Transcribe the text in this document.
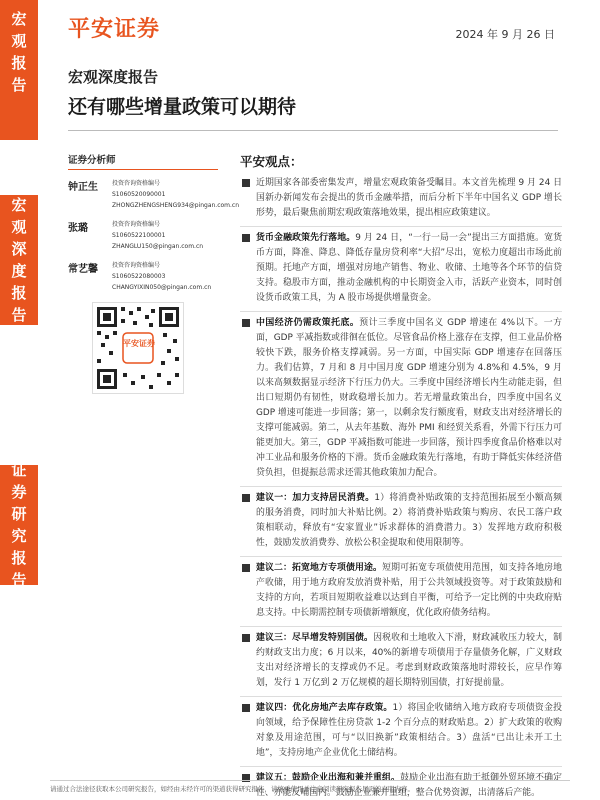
宏
观
报
告
宏
观
深
度
报
告
证
券
研
究
报
告
平安证券	2024 年 9 月 26 日
宏观深度报告
还有哪些增量政策可以期待
证券分析师
钟正生 投资咨询资格编号
S1060520090001
ZHONGZHENGSHENG934@pingan.com.cn
张璐	投资咨询资格编号
S1060522100001
ZHANGLU150@pingan.com.cn
常艺馨 投资咨询资格编号
S1060522080003
CHANGYIXIN050@pingan.com.cn
平安证券
平安观点：
近期国家各部委密集发声，增量宏观政策备受瞩目。本文首先梳理 9 月 24 日国新办新闻发布会提出的货币金融举措，而后分析下半年中国名义 GDP 增长形势，最后聚焦前期宏观政策落地效果，提出相应政策建议。
货币金融政策先行落地。9 月 24 日，“一行一局一会”提出三方面措施。宽货币方面，降准、降息、降低存量房贷利率“大招”尽出，宽松力度超出市场此前预期。托地产方面，增强对房地产销售、物业、收储、土地等各个环节的信贷支持。稳股市方面，推动金融机构的中长期资金入市，活跃产业资本，同时创设货币政策工具，为 A 股市场提供增量资金。
中国经济仍需政策托底。预计三季度中国名义 GDP 增速在 4%以下。一方面，GDP 平减指数或徘徊在低位。尽管食品价格上涨存在支撑，但工业品价格较快下跌，服务价格支撑减弱。另一方面，中国实际 GDP 增速存在回落压力。我们估算，7 月和 8 月中国月度 GDP 增速分别为 4.8%和 4.5%，9 月以来高频数据显示经济下行压力仍大。三季度中国经济增长内生动能走弱，但出口短期仍有韧性，财政稳增长加力。若无增量政策出台，四季度中国名义 GDP 增速可能进一步回落；第一，以剩余发行额度看，财政支出对经济增长的支撑可能减弱。第二，从去年基数、海外 PMI 和经贸关系看，外需下行压力可能更加大。第三，GDP 平减指数可能进一步回落，预计四季度食品价格难以对冲工业品和服务价格的下滑。货币金融政策先行落地，有助于降低实体经济借贷负担，但提振总需求还需其他政策加力配合。
建议一：加力支持居民消费。1）将消费补贴政策的支持范围拓展至小额高频的服务消费，同时加大补贴比例。2）将消费补贴政策与购房、农民工落户政策相联动，释放有“安家置业”诉求群体的消费潜力。3）发挥地方政府积极性，鼓励发放消费券、放松公积金提取和使用限制等。
建议二：拓宽地方专项债用途。短期可拓宽专项债使用范围，如支持各地房地产收储，用于地方政府发放消费补贴，用于公共领域投资等。对于政策鼓励和支持的方向，若项目短期收益难以达到自平衡，可给予一定比例的中央政府贴息支持。中长期需控制专项债新增额度，优化政府债务结构。
建议三：尽早增发特别国债。因税收和土地收入下滑，财政减收压力较大，制约财政支出力度；6 月以来，40%的新增专项债用于存量债务化解，广义财政支出对经济增长的支撑或仍不足。考虑到财政政策落地时滞较长，应早作筹划，发行 1 万亿到 2 万亿规模的超长期特别国债，打好提前量。
建议四：优化房地产去库存政策。1）将国企收储纳入地方政府专项债资金投向领域，给予保障性住房贷款 1-2 个百分点的财政贴息。2）扩大政策的收购对象及用途范围，可与“以旧换新”政策相结合。3）盘活“已出让未开工土地”，支持房地产企业优化土储结构。
建议五：鼓励企业出海和兼并重组。鼓励企业出海有助于抵御外贸环境不确定性、亦能反哺国内。鼓励企业兼并重组，整合优势资源，出清落后产能。
请通过合法途径获取本公司研究报告，如经由未经许可的渠道获得研究报告，请慎重使用并注意阅读研究报告尾页的声明内容。
